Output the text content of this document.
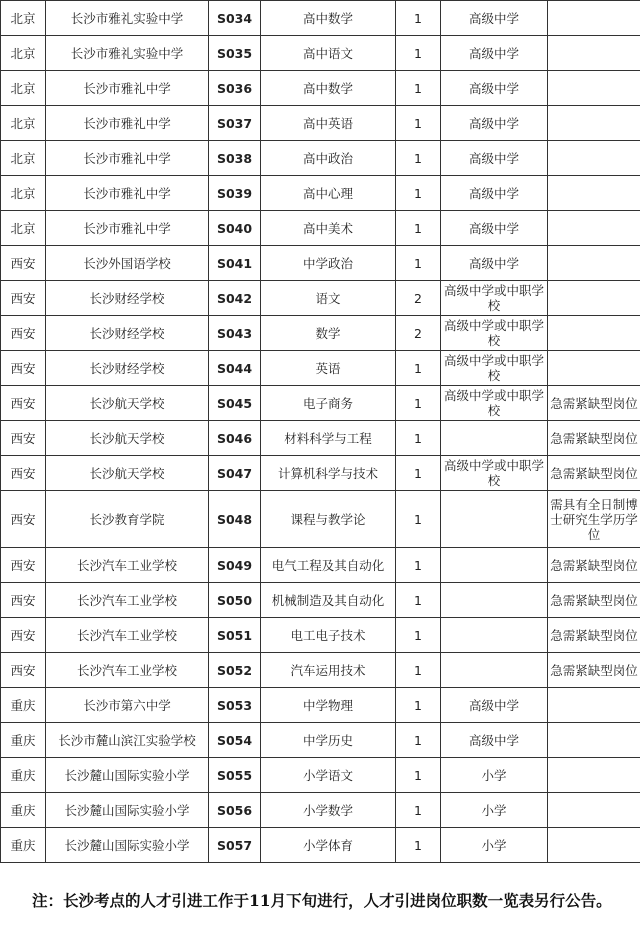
北京	长沙市雅礼实验中学	S034	高中数学	1	高级中学	
北京	长沙市雅礼实验中学	S035	高中语文	1	高级中学	
北京	长沙市雅礼中学	S036	高中数学	1	高级中学	
北京	长沙市雅礼中学	S037	高中英语	1	高级中学	
北京	长沙市雅礼中学	S038	高中政治	1	高级中学	
北京	长沙市雅礼中学	S039	高中心理	1	高级中学	
北京	长沙市雅礼中学	S040	高中美术	1	高级中学	
西安	长沙外国语学校	S041	中学政治	1	高级中学	
西安	长沙财经学校	S042	语文	2	高级中学或中职学校	
西安	长沙财经学校	S043	数学	2	高级中学或中职学校	
西安	长沙财经学校	S044	英语	1	高级中学或中职学校	
西安	长沙航天学校	S045	电子商务	1	高级中学或中职学校	急需紧缺型岗位
西安	长沙航天学校	S046	材料科学与工程	1		急需紧缺型岗位
西安	长沙航天学校	S047	计算机科学与技术	1	高级中学或中职学校	急需紧缺型岗位
西安	长沙教育学院	S048	课程与教学论	1		需具有全日制博士研究生学历学位
西安	长沙汽车工业学校	S049	电气工程及其自动化	1		急需紧缺型岗位
西安	长沙汽车工业学校	S050	机械制造及其自动化	1		急需紧缺型岗位
西安	长沙汽车工业学校	S051	电工电子技术	1		急需紧缺型岗位
西安	长沙汽车工业学校	S052	汽车运用技术	1		急需紧缺型岗位
重庆	长沙市第六中学	S053	中学物理	1	高级中学	
重庆	长沙市麓山滨江实验学校	S054	中学历史	1	高级中学	
重庆	长沙麓山国际实验小学	S055	小学语文	1	小学	
重庆	长沙麓山国际实验小学	S056	小学数学	1	小学	
重庆	长沙麓山国际实验小学	S057	小学体育	1	小学	
注：长沙考点的人才引进工作于11月下旬进行，人才引进岗位职数一览表另行公告。
